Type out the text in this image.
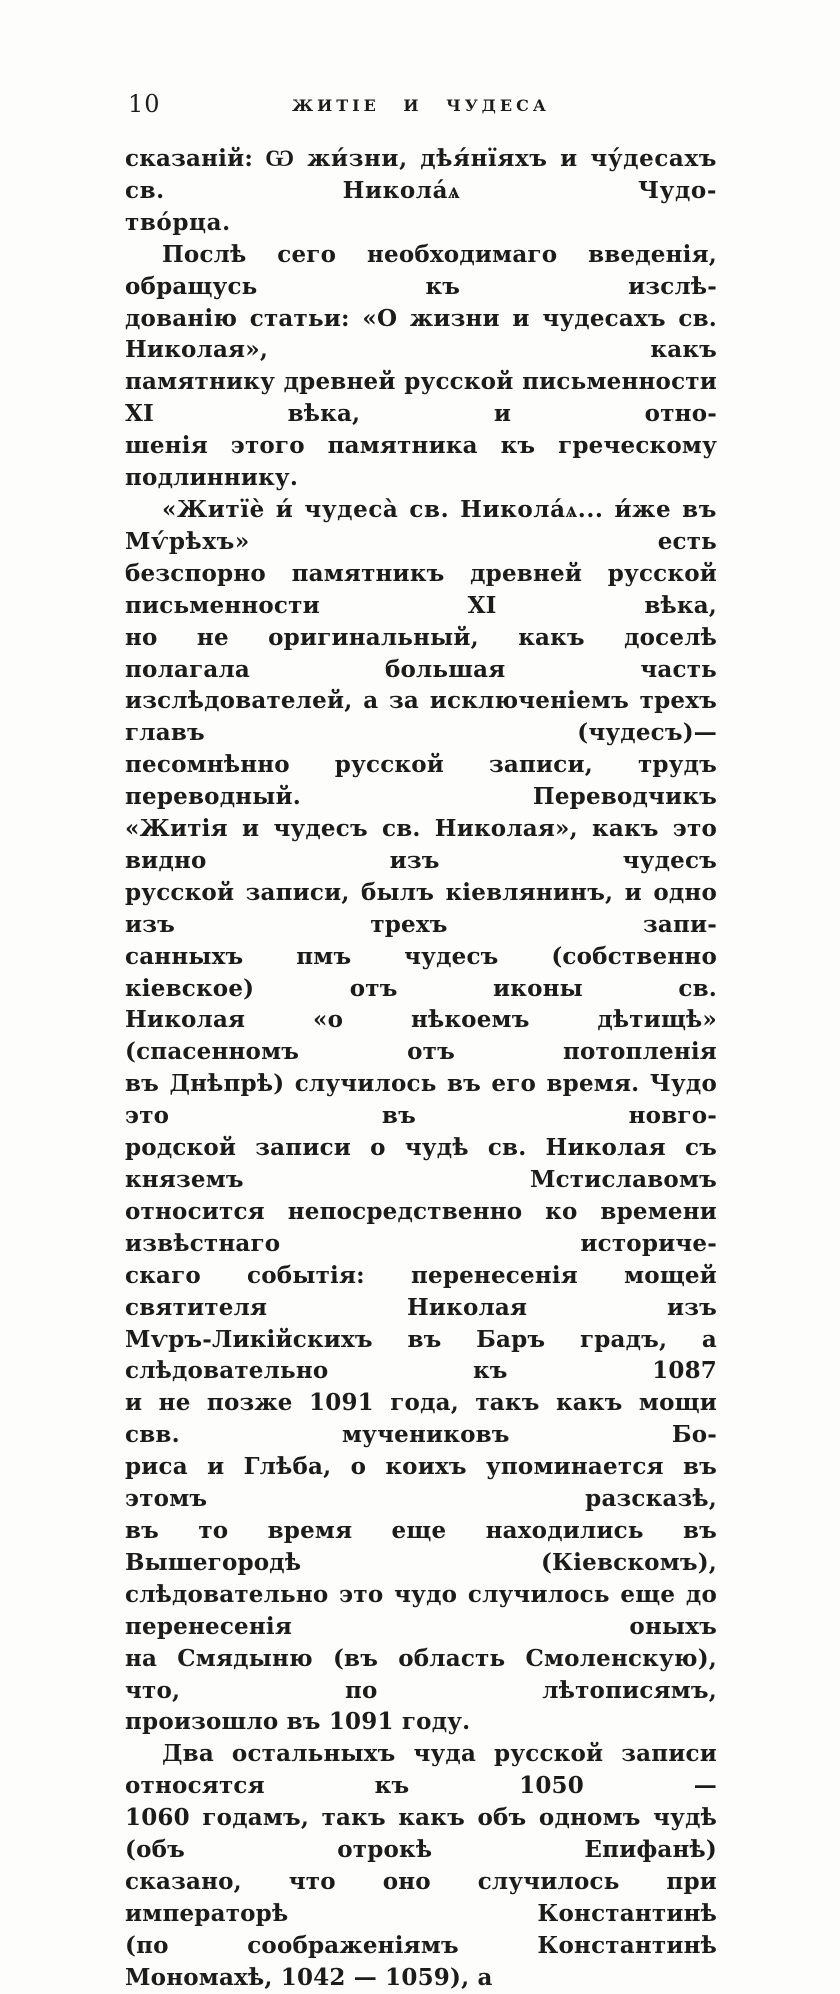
10	ЖИТІЕ И ЧУДЕСА
сказаній: Ѡ жи́зни, дѣя́нїяхъ и чу́десахъ св. Никола́ѧ Чудо-
тво́рца.
Послѣ сего необходимаго введенія, обращусь къ изслѣ-
дованію статьи: «О жизни и чудесахъ св. Николая», какъ
памятнику древней русской письменности XI вѣка, и отно-
шенія этого памятника къ греческому подлиннику.
«Житїѐ и́ чудеса̀ св. Никола́ѧ... и́же въ Мѵ́рѣхъ» есть
безспорно памятникъ древней русской письменности XI вѣка,
но не оригинальный, какъ доселѣ полагала большая часть
изслѣдователей, а за исключеніемъ трехъ главъ (чудесъ)—
песомнѣнно русской записи, трудъ переводный. Переводчикъ
«Житія и чудесъ св. Николая», какъ это видно изъ чудесъ
русской записи, былъ кіевлянинъ, и одно изъ трехъ запи-
санныхъ пмъ чудесъ (собственно кіевское) отъ иконы св.
Николая «о нѣкоемъ дѣтищѣ» (спасенномъ отъ потопленія
въ Днѣпрѣ) случилось въ его время. Чудо это въ новго-
родской записи о чудѣ св. Николая съ княземъ Мстиславомъ
относится непосредственно ко времени извѣстнаго историче-
скаго событія: перенесенія мощей святителя Николая изъ
Мѵръ-Ликійскихъ въ Баръ градъ, а слѣдовательно къ 1087
и не позже 1091 года, такъ какъ мощи свв. мучениковъ Бо-
риса и Глѣба, о коихъ упоминается въ этомъ разсказѣ,
въ то время еще находились въ Вышегородѣ (Кіевскомъ),
слѣдовательно это чудо случилось еще до перенесенія оныхъ
на Смядыню (въ область Смоленскую), что, по лѣтописямъ,
произошло въ 1091 году.
Два остальныхъ чуда русской записи относятся къ 1050 —
1060 годамъ, такъ какъ объ одномъ чудѣ (объ отрокѣ Епифанѣ)
сказано, что оно случилось при императорѣ Константинѣ
(по соображеніямъ Константинѣ Мономахѣ, 1042 — 1059), а
